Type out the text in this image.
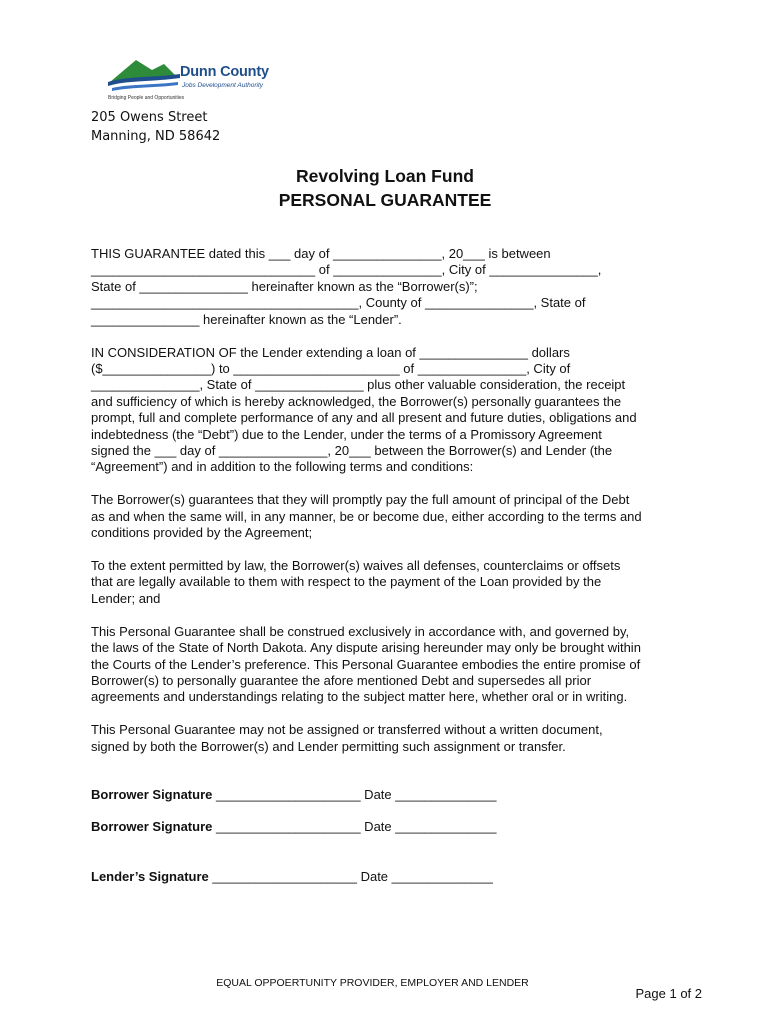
Dunn County
Jobs Development Authority
Bridging People and Opportunities
205 Owens Street
Manning, ND 58642
Revolving Loan Fund
PERSONAL GUARANTEE

THIS GUARANTEE dated this ___ day of _______________, 20___ is between
_______________________________ of _______________, City of _______________,
State of _______________ hereinafter known as the “Borrower(s)”;
_____________________________________, County of _______________, State of
_______________ hereinafter known as the “Lender”.

IN CONSIDERATION OF the Lender extending a loan of _______________ dollars
($_______________) to _______________________ of _______________, City of
_______________, State of _______________ plus other valuable consideration, the receipt
and sufficiency of which is hereby acknowledged, the Borrower(s) personally guarantees the
prompt, full and complete performance of any and all present and future duties, obligations and
indebtedness (the “Debt”) due to the Lender, under the terms of a Promissory Agreement
signed the ___ day of _______________, 20___ between the Borrower(s) and Lender (the
“Agreement”) and in addition to the following terms and conditions:

The Borrower(s) guarantees that they will promptly pay the full amount of principal of the Debt
as and when the same will, in any manner, be or become due, either according to the terms and
conditions provided by the Agreement;

To the extent permitted by law, the Borrower(s) waives all defenses, counterclaims or offsets
that are legally available to them with respect to the payment of the Loan provided by the
Lender; and

This Personal Guarantee shall be construed exclusively in accordance with, and governed by,
the laws of the State of North Dakota. Any dispute arising hereunder may only be brought within
the Courts of the Lender’s preference. This Personal Guarantee embodies the entire promise of
Borrower(s) to personally guarantee the afore mentioned Debt and supersedes all prior
agreements and understandings relating to the subject matter here, whether oral or in writing.

This Personal Guarantee may not be assigned or transferred without a written document,
signed by both the Borrower(s) and Lender permitting such assignment or transfer.

Borrower Signature ____________________ Date ______________
Borrower Signature ____________________ Date ______________
Lender’s Signature ____________________ Date ______________
EQUAL OPPOERTUNITY PROVIDER, EMPLOYER AND LENDER
Page 1 of 2
